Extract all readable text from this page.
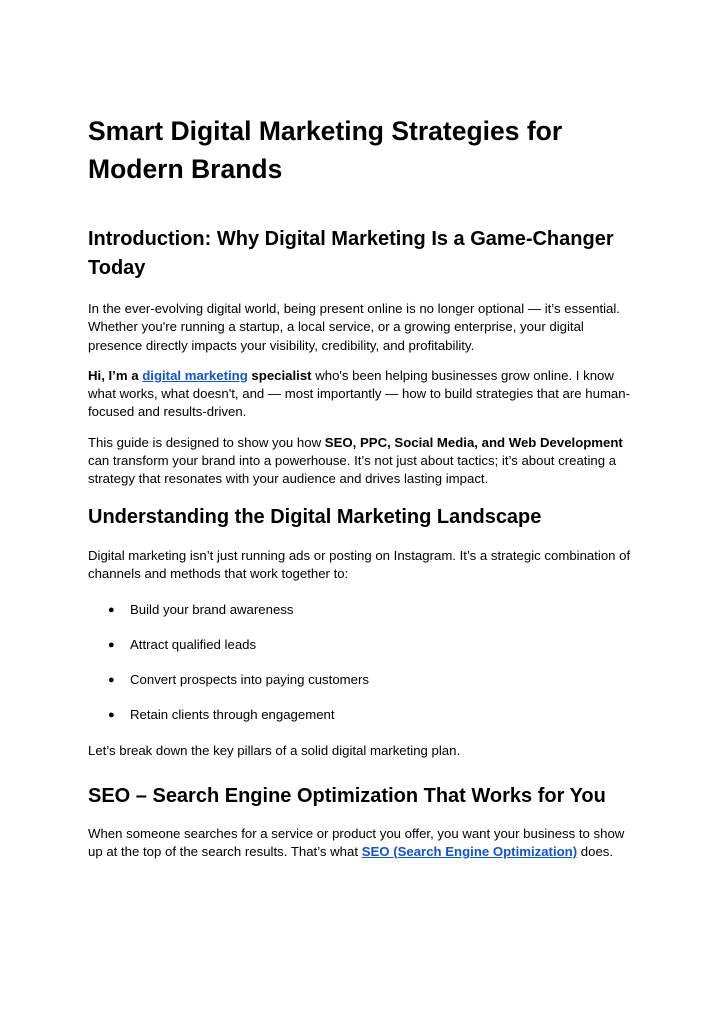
Smart Digital Marketing Strategies for Modern Brands
Introduction: Why Digital Marketing Is a Game-Changer Today

In the ever-evolving digital world, being present online is no longer optional — it’s essential. Whether you're running a startup, a local service, or a growing enterprise, your digital presence directly impacts your visibility, credibility, and profitability.

Hi, I’m a digital marketing specialist who's been helping businesses grow online. I know what works, what doesn't, and — most importantly — how to build strategies that are human-focused and results-driven.

This guide is designed to show you how SEO, PPC, Social Media, and Web Development can transform your brand into a powerhouse. It’s not just about tactics; it’s about creating a strategy that resonates with your audience and drives lasting impact.

Understanding the Digital Marketing Landscape

Digital marketing isn’t just running ads or posting on Instagram. It’s a strategic combination of channels and methods that work together to:

● Build your brand awareness
● Attract qualified leads
● Convert prospects into paying customers
● Retain clients through engagement

Let’s break down the key pillars of a solid digital marketing plan.

SEO – Search Engine Optimization That Works for You

When someone searches for a service or product you offer, you want your business to show up at the top of the search results. That’s what SEO (Search Engine Optimization) does.
